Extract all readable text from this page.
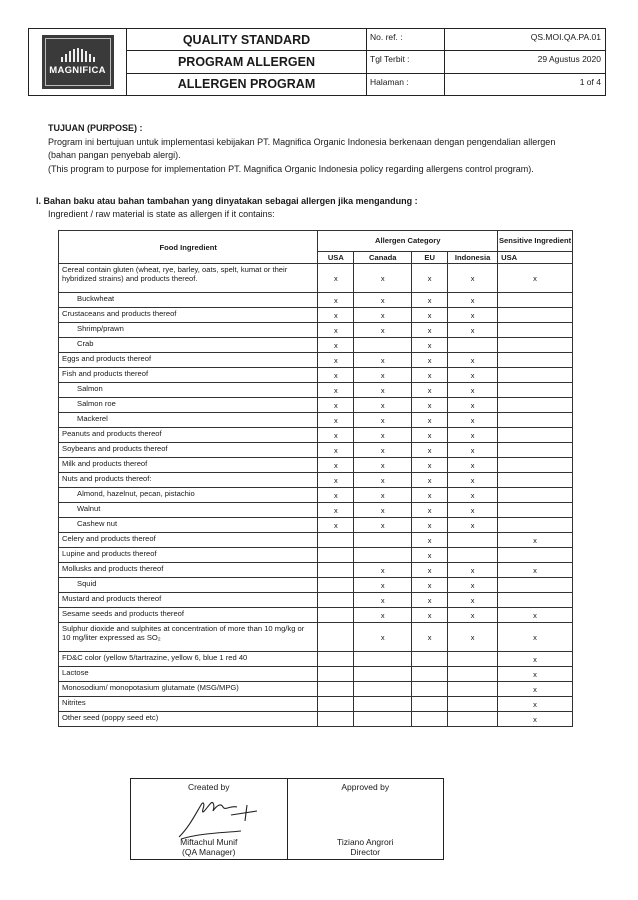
MAGNIFICA
QUALITY STANDARD
PROGRAM ALLERGEN
ALLERGEN PROGRAM
No. ref. :	QS.MOI.QA.PA.01
Tgl Terbit :	29 Agustus 2020
Halaman :	1 of 4
TUJUAN (PURPOSE) :
Program ini bertujuan untuk implementasi kebijakan PT. Magnifica Organic Indonesia berkenaan dengan pengendalian allergen (bahan pangan penyebab alergi).
(This program to purpose for implementation PT. Magnifica Organic Indonesia policy regarding allergens control program).
I. Bahan baku atau bahan tambahan yang dinyatakan sebagai allergen jika mengandung :
Ingredient / raw material is state as allergen if it contains:
Food Ingredient	Allergen Category				Sensitive Ingredient
	USA	Canada	EU	Indonesia	USA
Cereal contain gluten (wheat, rye, barley, oats, spelt, kumat or their hybridized strains) and products thereof.	x	x	x	x	x
Buckwheat	x	x	x	x	
Crustaceans and products thereof	x	x	x	x	
Shrimp/prawn	x	x	x	x	
Crab	x		x		
Eggs and products thereof	x	x	x	x	
Fish and products thereof	x	x	x	x	
Salmon	x	x	x	x	
Salmon roe	x	x	x	x	
Mackerel	x	x	x	x	
Peanuts and products thereof	x	x	x	x	
Soybeans and products thereof	x	x	x	x	
Milk and products thereof	x	x	x	x	
Nuts and products thereof:	x	x	x	x	
Almond, hazelnut, pecan, pistachio	x	x	x	x	
Walnut	x	x	x	x	
Cashew nut	x	x	x	x	
Celery and products thereof			x		x
Lupine and products thereof			x		
Mollusks and products thereof		x	x	x	x
Squid		x	x	x	
Mustard and products thereof		x	x	x	
Sesame seeds and products thereof		x	x	x	x
Sulphur dioxide and sulphites at concentration of more than 10 mg/kg or 10 mg/liter expressed as SO₂		x	x	x	x
FD&C color (yellow 5/tartrazine, yellow 6, blue 1 red 40					x
Lactose					x
Monosodium/ monopotasium glutamate (MSG/MPG)					x
Nitrites					x
Other seed (poppy seed etc)					x
Created by
Miftachul Munif
(QA Manager)
Approved by
Tiziano Angrori
Director
